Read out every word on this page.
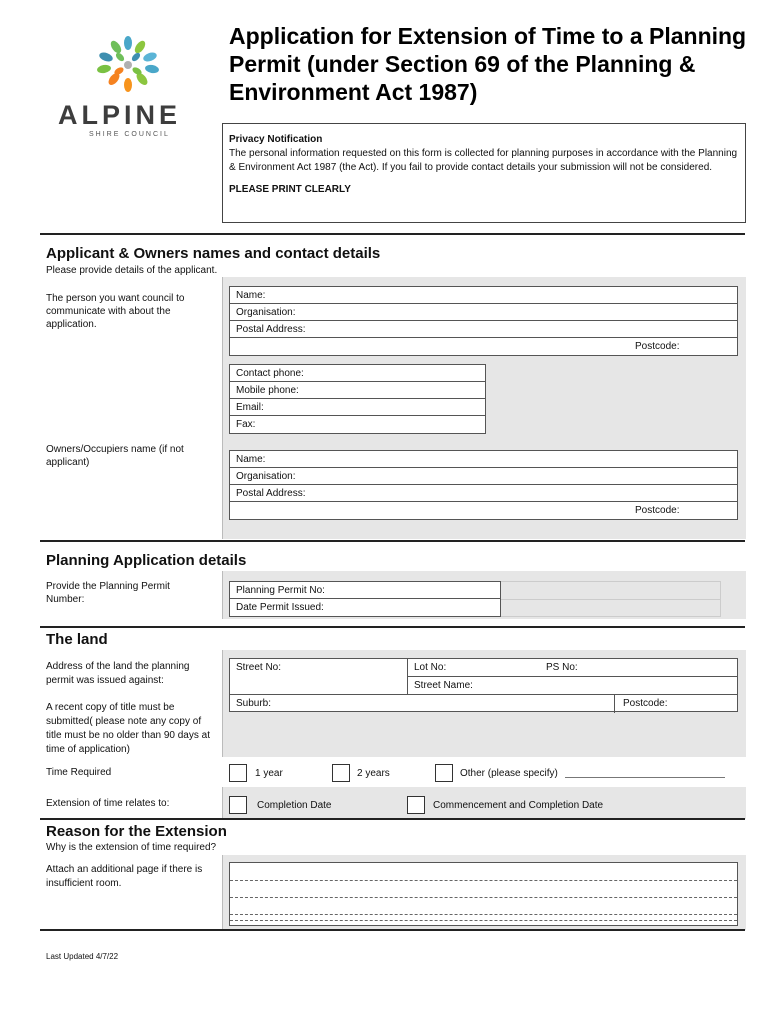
ALPINE
SHIRE COUNCIL
Application for Extension of Time to a Planning Permit (under Section 69 of the Planning & Environment Act 1987)
Privacy Notification
The personal information requested on this form is collected for planning purposes in accordance with the Planning & Environment Act 1987 (the Act). If you fail to provide contact details your submission will not be considered.
PLEASE PRINT CLEARLY
Applicant & Owners names and contact details
Please provide details of the applicant.
The person you want council to communicate with about the application.
Name:
Organisation:
Postal Address:
Postcode:
Contact phone:
Mobile phone:
Email:
Fax:
Owners/Occupiers name (if not applicant)	Name:
Organisation:
Postal Address:
Postcode:
Planning Application details
Provide the Planning Permit Number:
Planning Permit No:
Date Permit Issued:
The land
Address of the land the planning permit was issued against:
A recent copy of title must be submitted( please note any copy of title must be no older than 90 days at time of application)
Street No:	Lot No:	PS No:
Street Name:
Suburb:	Postcode:
Time Required	1 year	2 years	Other (please specify)
Extension of time relates to:	Completion Date	Commencement and Completion Date
Reason for the Extension
Why is the extension of time required?
Attach an additional page if there is insufficient room.
Last Updated 4/7/22
